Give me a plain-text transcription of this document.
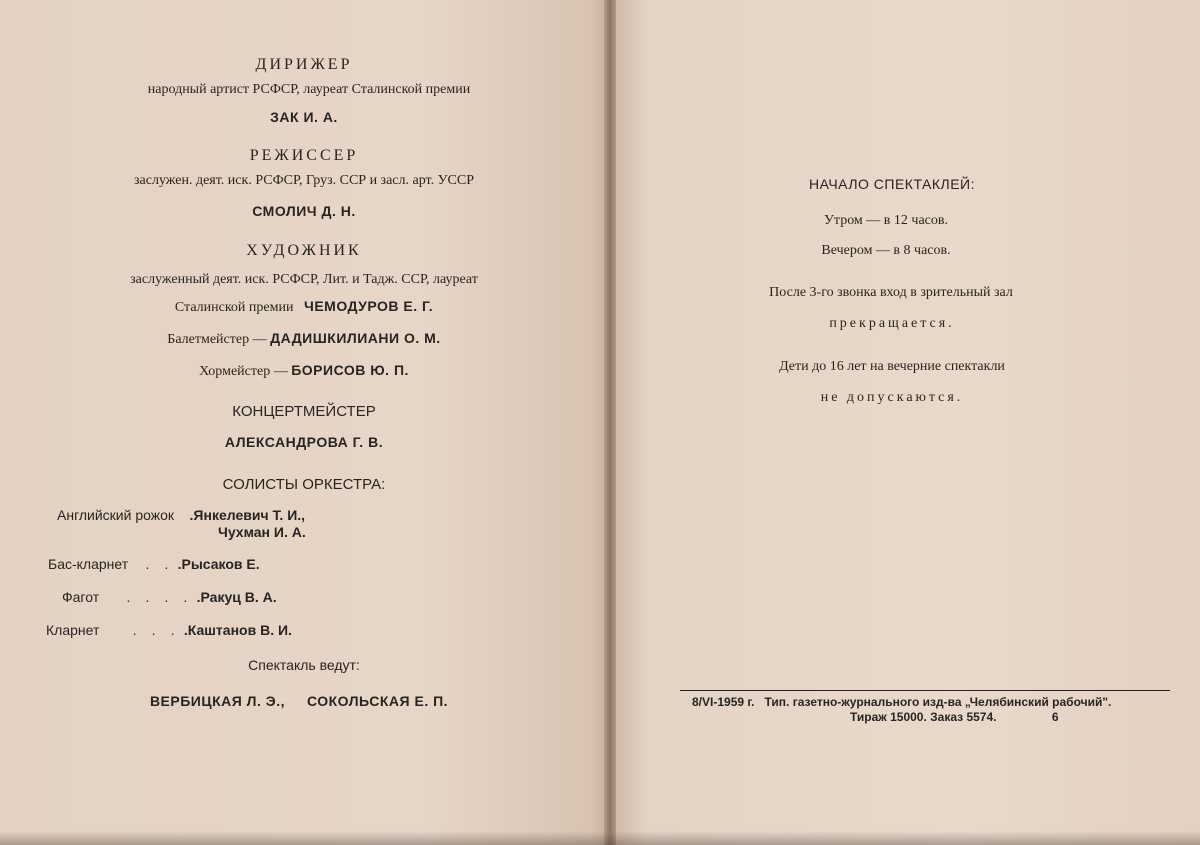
ДИРИЖЕР
народный артист РСФСР, лауреат Сталинской премии
ЗАК И. А.
РЕЖИССЕР
заслужен. деят. иск. РСФСР, Груз. ССР и засл. арт. УССР
СМОЛИЧ Д. Н.
ХУДОЖНИК
заслуженный деят. иск. РСФСР, Лит. и Тадж. ССР, лауреат
Сталинской премии ЧЕМОДУРОВ Е. Г.
Балетмейстер — ДАДИШКИЛИАНИ О. М.
Хормейстер — БОРИСОВ Ю. П.
КОНЦЕРТМЕЙСТЕР
АЛЕКСАНДРОВА Г. В.
СОЛИСТЫ ОРКЕСТРА:
Английский рожок .Янкелевич Т. И.,
Чухман И. А.
Бас-кларнет . . .Рысаков Е.
Фагот . . . . .Ракуц В. А.
Кларнет . . . .Каштанов В. И.
Спектакль ведут:
ВЕРБИЦКАЯ Л. Э., СОКОЛЬСКАЯ Е. П.
НАЧАЛО СПЕКТАКЛЕЙ:
Утром — в 12 часов.
Вечером — в 8 часов.
После 3-го звонка вход в зрительный зал
прекращается.
Дети до 16 лет на вечерние спектакли
не допускаются.
8/VI-1959 г. Тип. газетно-журнального изд-ва „Челябинский рабочий".
Тираж 15000. Заказ 5574.	6
